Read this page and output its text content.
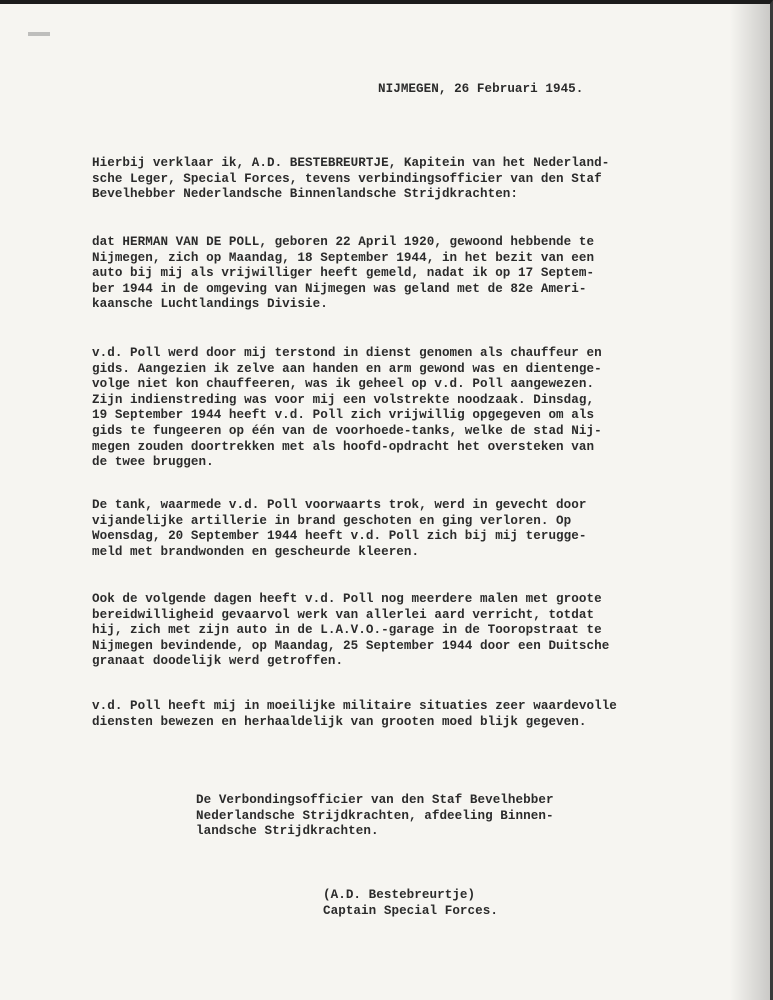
NIJMEGEN, 26 Februari 1945.
Hierbij verklaar ik, A.D. BESTEBREURTJE, Kapitein van het Nederland-
sche Leger, Special Forces, tevens verbindingsofficier van den Staf
Bevelhebber Nederlandsche Binnenlandsche Strijdkrachten:
dat HERMAN VAN DE POLL, geboren 22 April 1920, gewoond hebbende te
Nijmegen, zich op Maandag, 18 September 1944, in het bezit van een
auto bij mij als vrijwilliger heeft gemeld, nadat ik op 17 Septem-
ber 1944 in de omgeving van Nijmegen was geland met de 82e Ameri-
kaansche Luchtlandings Divisie.
v.d. Poll werd door mij terstond in dienst genomen als chauffeur en
gids. Aangezien ik zelve aan handen en arm gewond was en dientenge-
volge niet kon chauffeeren, was ik geheel op v.d. Poll aangewezen.
Zijn indienstreding was voor mij een volstrekte noodzaak. Dinsdag,
19 September 1944 heeft v.d. Poll zich vrijwillig opgegeven om als
gids te fungeeren op één van de voorhoede-tanks, welke de stad Nij-
megen zouden doortrekken met als hoofd-opdracht het oversteken van
de twee bruggen.
De tank, waarmede v.d. Poll voorwaarts trok, werd in gevecht door
vijandelijke artillerie in brand geschoten en ging verloren. Op
Woensdag, 20 September 1944 heeft v.d. Poll zich bij mij terugge-
meld met brandwonden en gescheurde kleeren.
Ook de volgende dagen heeft v.d. Poll nog meerdere malen met groote
bereidwilligheid gevaarvol werk van allerlei aard verricht, totdat
hij, zich met zijn auto in de L.A.V.O.-garage in de Tooropstraat te
Nijmegen bevindende, op Maandag, 25 September 1944 door een Duitsche
granaat doodelijk werd getroffen.
v.d. Poll heeft mij in moeilijke militaire situaties zeer waardevolle
diensten bewezen en herhaaldelijk van grooten moed blijk gegeven.
De Verbondingsofficier van den Staf Bevelhebber
Nederlandsche Strijdkrachten, afdeeling Binnen-
landsche Strijdkrachten.
(A.D. Bestebreurtje)
Captain Special Forces.
